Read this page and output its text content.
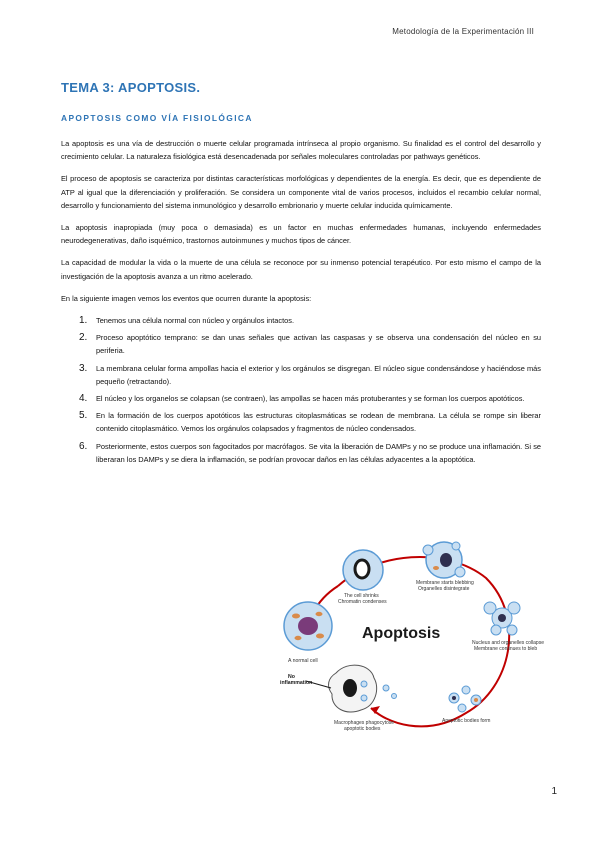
Metodología de la Experimentación III
TEMA 3: APOPTOSIS.
APOPTOSIS COMO VÍA FISIOLÓGICA

La apoptosis es una vía de destrucción o muerte celular programada intrínseca al propio organismo. Su finalidad es el control del desarrollo y crecimiento celular. La naturaleza fisiológica está desencadenada por señales moleculares controladas por pathways genéticos.

El proceso de apoptosis se caracteriza por distintas características morfológicas y dependientes de la energía. Es decir, que es dependiente de ATP al igual que la diferenciación y proliferación. Se considera un componente vital de varios procesos, incluidos el recambio celular normal, desarrollo y funcionamiento del sistema inmunológico y desarrollo embrionario y muerte celular inducida químicamente.

La apoptosis inapropiada (muy poca o demasiada) es un factor en muchas enfermedades humanas, incluyendo enfermedades neurodegenerativas, daño isquémico, trastornos autoinmunes y muchos tipos de cáncer.

La capacidad de modular la vida o la muerte de una célula se reconoce por su inmenso potencial terapéutico. Por esto mismo el campo de la investigación de la apoptosis avanza a un ritmo acelerado.

En la siguiente imagen vemos los eventos que ocurren durante la apoptosis:

1. Tenemos una célula normal con núcleo y orgánulos intactos.
2. Proceso apoptótico temprano: se dan unas señales que activan las caspasas y se observa una condensación del núcleo en su periferia.
3. La membrana celular forma ampollas hacia el exterior y los orgánulos se disgregan. El núcleo sigue condensándose y haciéndose más pequeño (retractando).
4. El núcleo y los organelos se colapsan (se contraen), las ampollas se hacen más protuberantes y se forman los cuerpos apotóticos.
5. En la formación de los cuerpos apotóticos las estructuras citoplasmáticas se rodean de membrana. La célula se rompe sin liberar contenido citoplasmático. Vemos los orgánulos colapsados y fragmentos de núcleo condensados.
6. Posteriormente, estos cuerpos son fagocitados por macrófagos. Se vita la liberación de DAMPs y no se produce una inflamación. Si se liberaran los DAMPs y se diera la inflamación, se podrían provocar daños en las células adyacentes a la apoptótica.
A normal cell
The cell shrinks
Chromatin condenses
Membrane starts blebbing
Organelles disintegrate
Nucleus and organelles collapse
Membrane continues to bleb
Apoptosis
Apoptotic bodies form
Macrophages phagocytose
apoptotic bodies
No
inflammation
1
